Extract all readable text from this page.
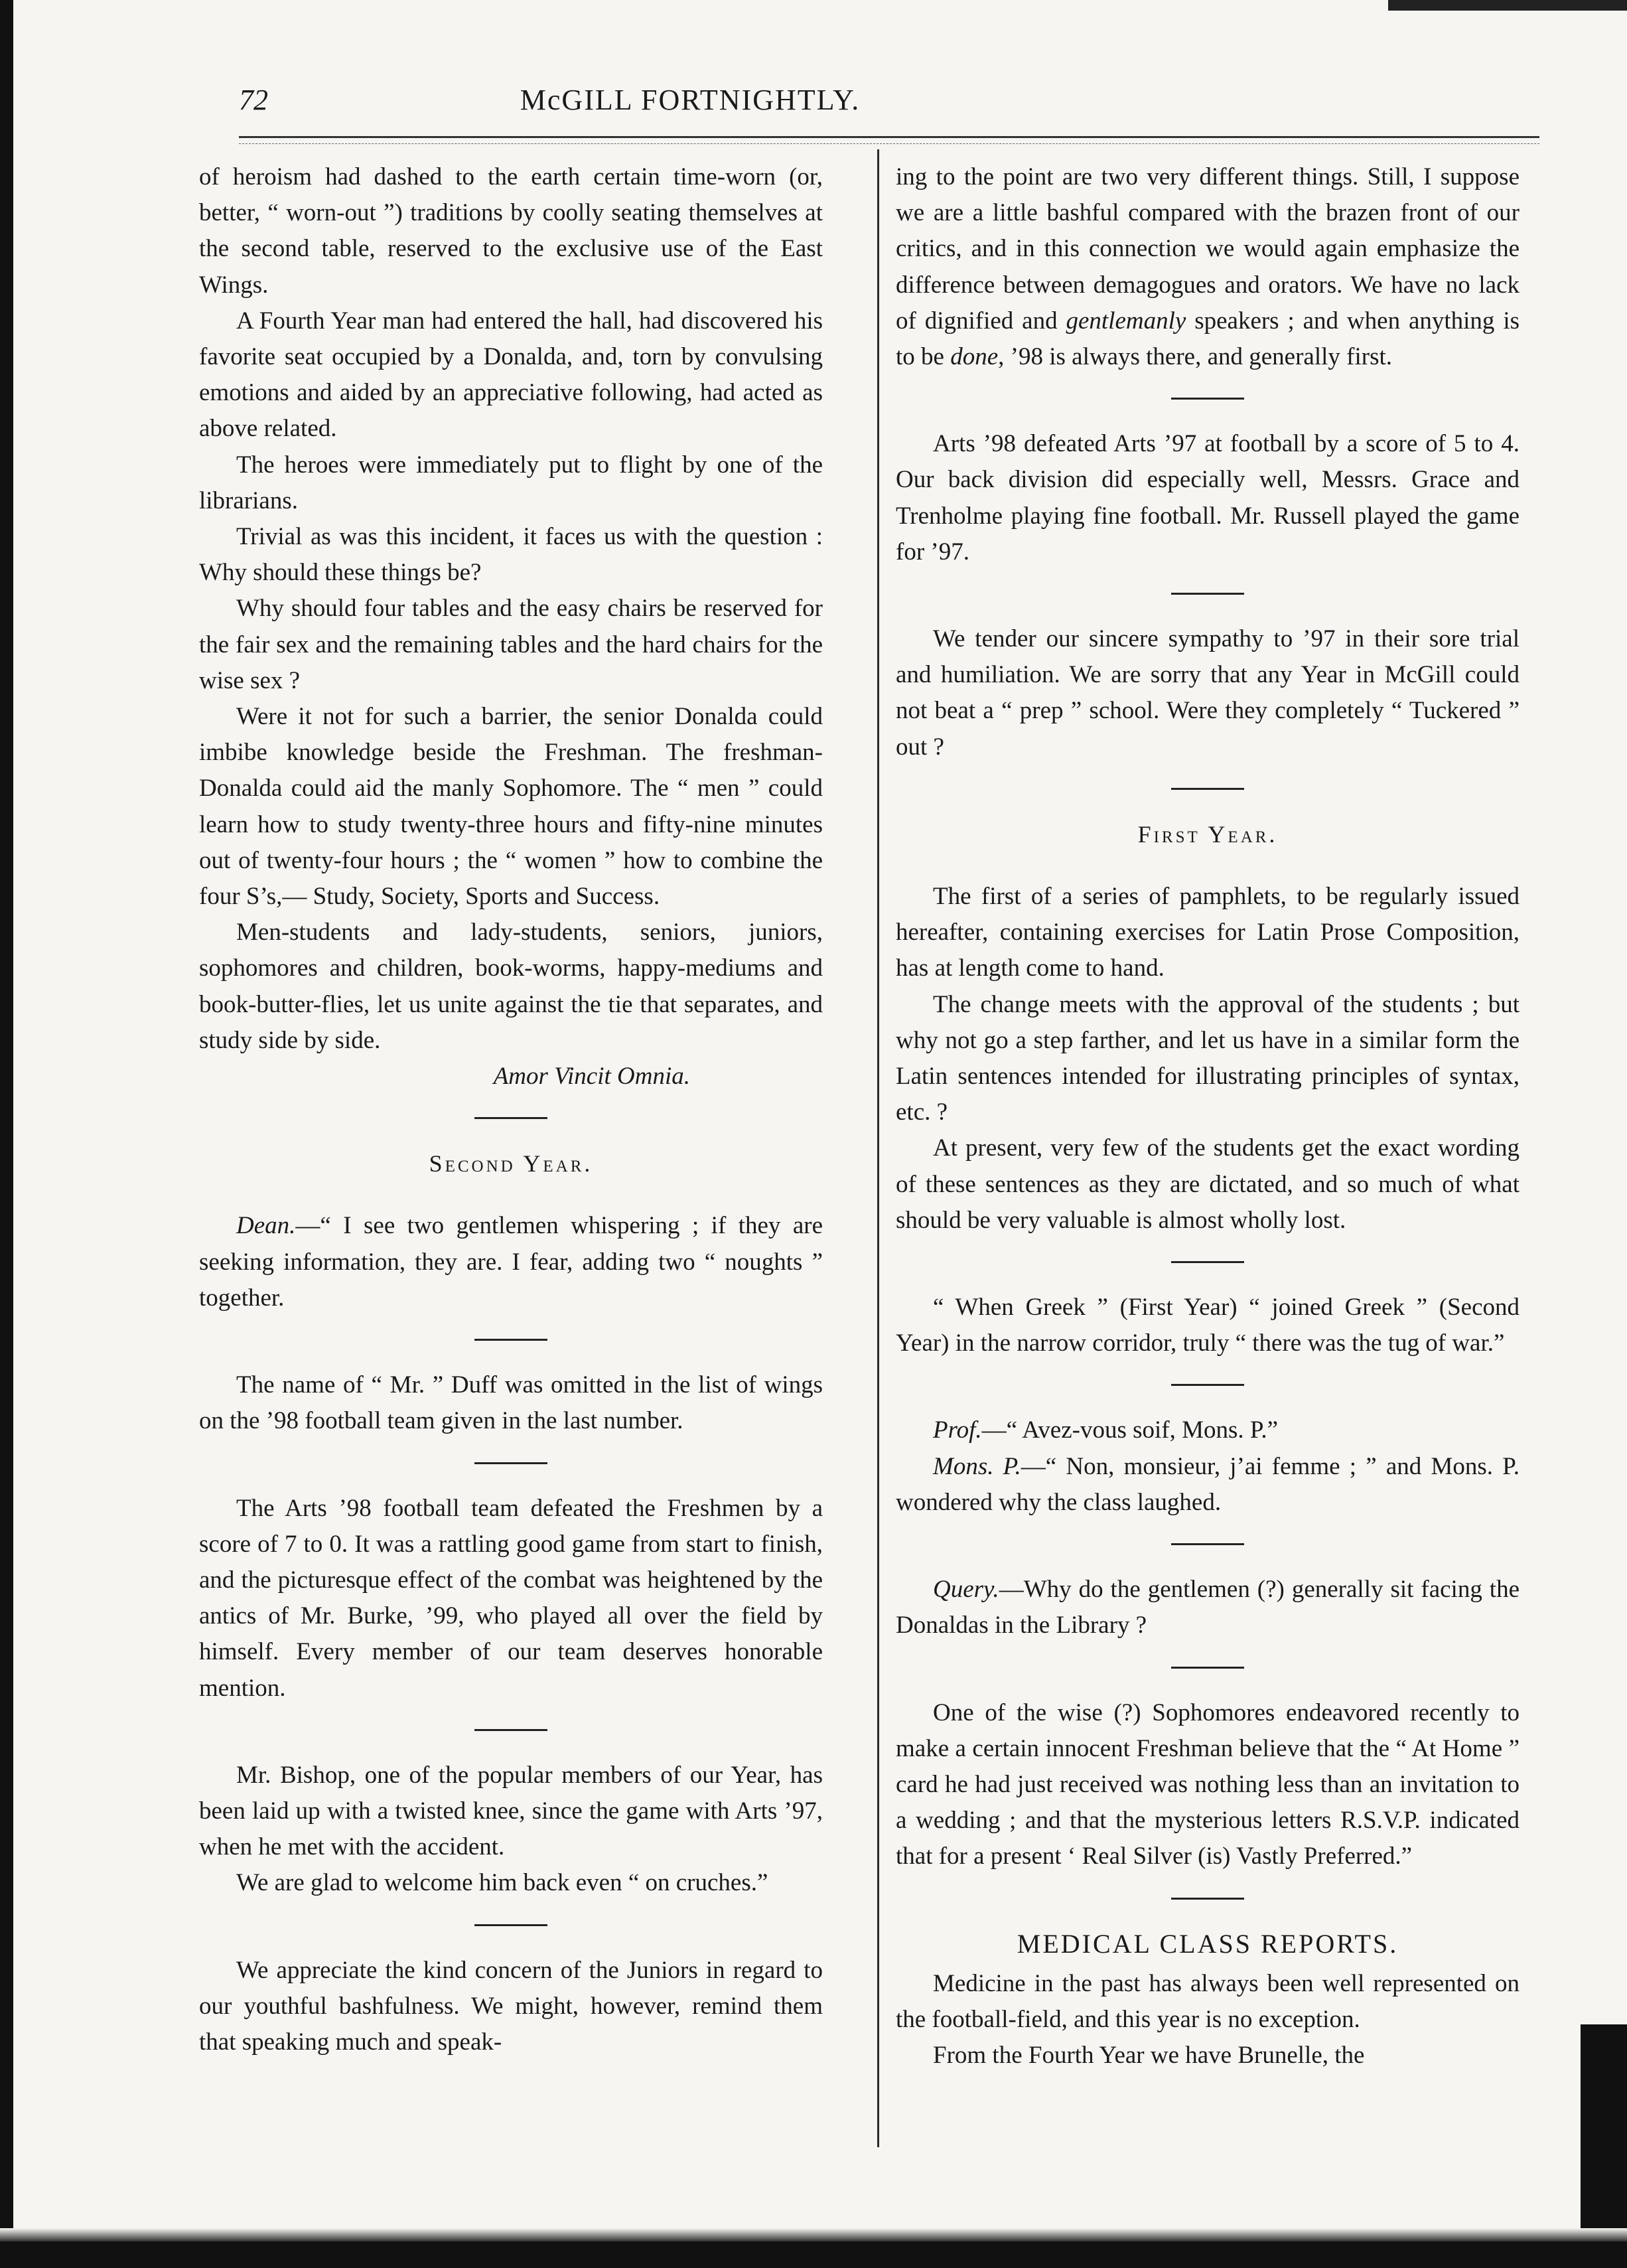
72	McGILL FORTNIGHTLY.

of heroism had dashed to the earth certain time-worn (or, better, “ worn-out ”) traditions by coolly seating themselves at the second table, reserved to the exclusive use of the East Wings.

A Fourth Year man had entered the hall, had discovered his favorite seat occupied by a Donalda, and, torn by convulsing emotions and aided by an appreciative following, had acted as above related.

The heroes were immediately put to flight by one of the librarians.

Trivial as was this incident, it faces us with the question : Why should these things be?

Why should four tables and the easy chairs be reserved for the fair sex and the remaining tables and the hard chairs for the wise sex ?

Were it not for such a barrier, the senior Donalda could imbibe knowledge beside the Freshman. The freshman-Donalda could aid the manly Sophomore. The “ men ” could learn how to study twenty-three hours and fifty-nine minutes out of twenty-four hours ; the “ women ” how to combine the four S’s,— Study, Society, Sports and Success.

Men-students and lady-students, seniors, juniors, sophomores and children, book-worms, happy-mediums and book-butter-flies, let us unite against the tie that separates, and study side by side.

Amor Vincit Omnia.
Second Year.

Dean.—“ I see two gentlemen whispering ; if they are seeking information, they are. I fear, adding two “ noughts ” together.

The name of “ Mr. ” Duff was omitted in the list of wings on the ’98 football team given in the last number.

The Arts ’98 football team defeated the Freshmen by a score of 7 to 0. It was a rattling good game from start to finish, and the picturesque effect of the combat was heightened by the antics of Mr. Burke, ’99, who played all over the field by himself. Every member of our team deserves honorable mention.

Mr. Bishop, one of the popular members of our Year, has been laid up with a twisted knee, since the game with Arts ’97, when he met with the accident.

We are glad to welcome him back even “ on cruches.”

We appreciate the kind concern of the Juniors in regard to our youthful bashfulness. We might, however, remind them that speaking much and speak-

ing to the point are two very different things. Still, I suppose we are a little bashful compared with the brazen front of our critics, and in this connection we would again emphasize the difference between demagogues and orators. We have no lack of dignified and gentlemanly speakers ; and when anything is to be done, ’98 is always there, and generally first.

Arts ’98 defeated Arts ’97 at football by a score of 5 to 4. Our back division did especially well, Messrs. Grace and Trenholme playing fine football. Mr. Russell played the game for ’97.

We tender our sincere sympathy to ’97 in their sore trial and humiliation. We are sorry that any Year in McGill could not beat a “ prep ” school. Were they completely “ Tuckered ” out ?

First Year.

The first of a series of pamphlets, to be regularly issued hereafter, containing exercises for Latin Prose Composition, has at length come to hand.

The change meets with the approval of the students ; but why not go a step farther, and let us have in a similar form the Latin sentences intended for illustrating principles of syntax, etc. ?

At present, very few of the students get the exact wording of these sentences as they are dictated, and so much of what should be very valuable is almost wholly lost.

“ When Greek ” (First Year) “ joined Greek ” (Second Year) in the narrow corridor, truly “ there was the tug of war.”

Prof.—“ Avez-vous soif, Mons. P.”

Mons. P.—“ Non, monsieur, j’ai femme ; ” and Mons. P. wondered why the class laughed.

Query.—Why do the gentlemen (?) generally sit facing the Donaldas in the Library ?

One of the wise (?) Sophomores endeavored recently to make a certain innocent Freshman believe that the “ At Home ” card he had just received was nothing less than an invitation to a wedding ; and that the mysterious letters R.S.V.P. indicated that for a present ‘ Real Silver (is) Vastly Preferred.”

MEDICAL CLASS REPORTS.

Medicine in the past has always been well represented on the football-field, and this year is no exception.

From the Fourth Year we have Brunelle, the
